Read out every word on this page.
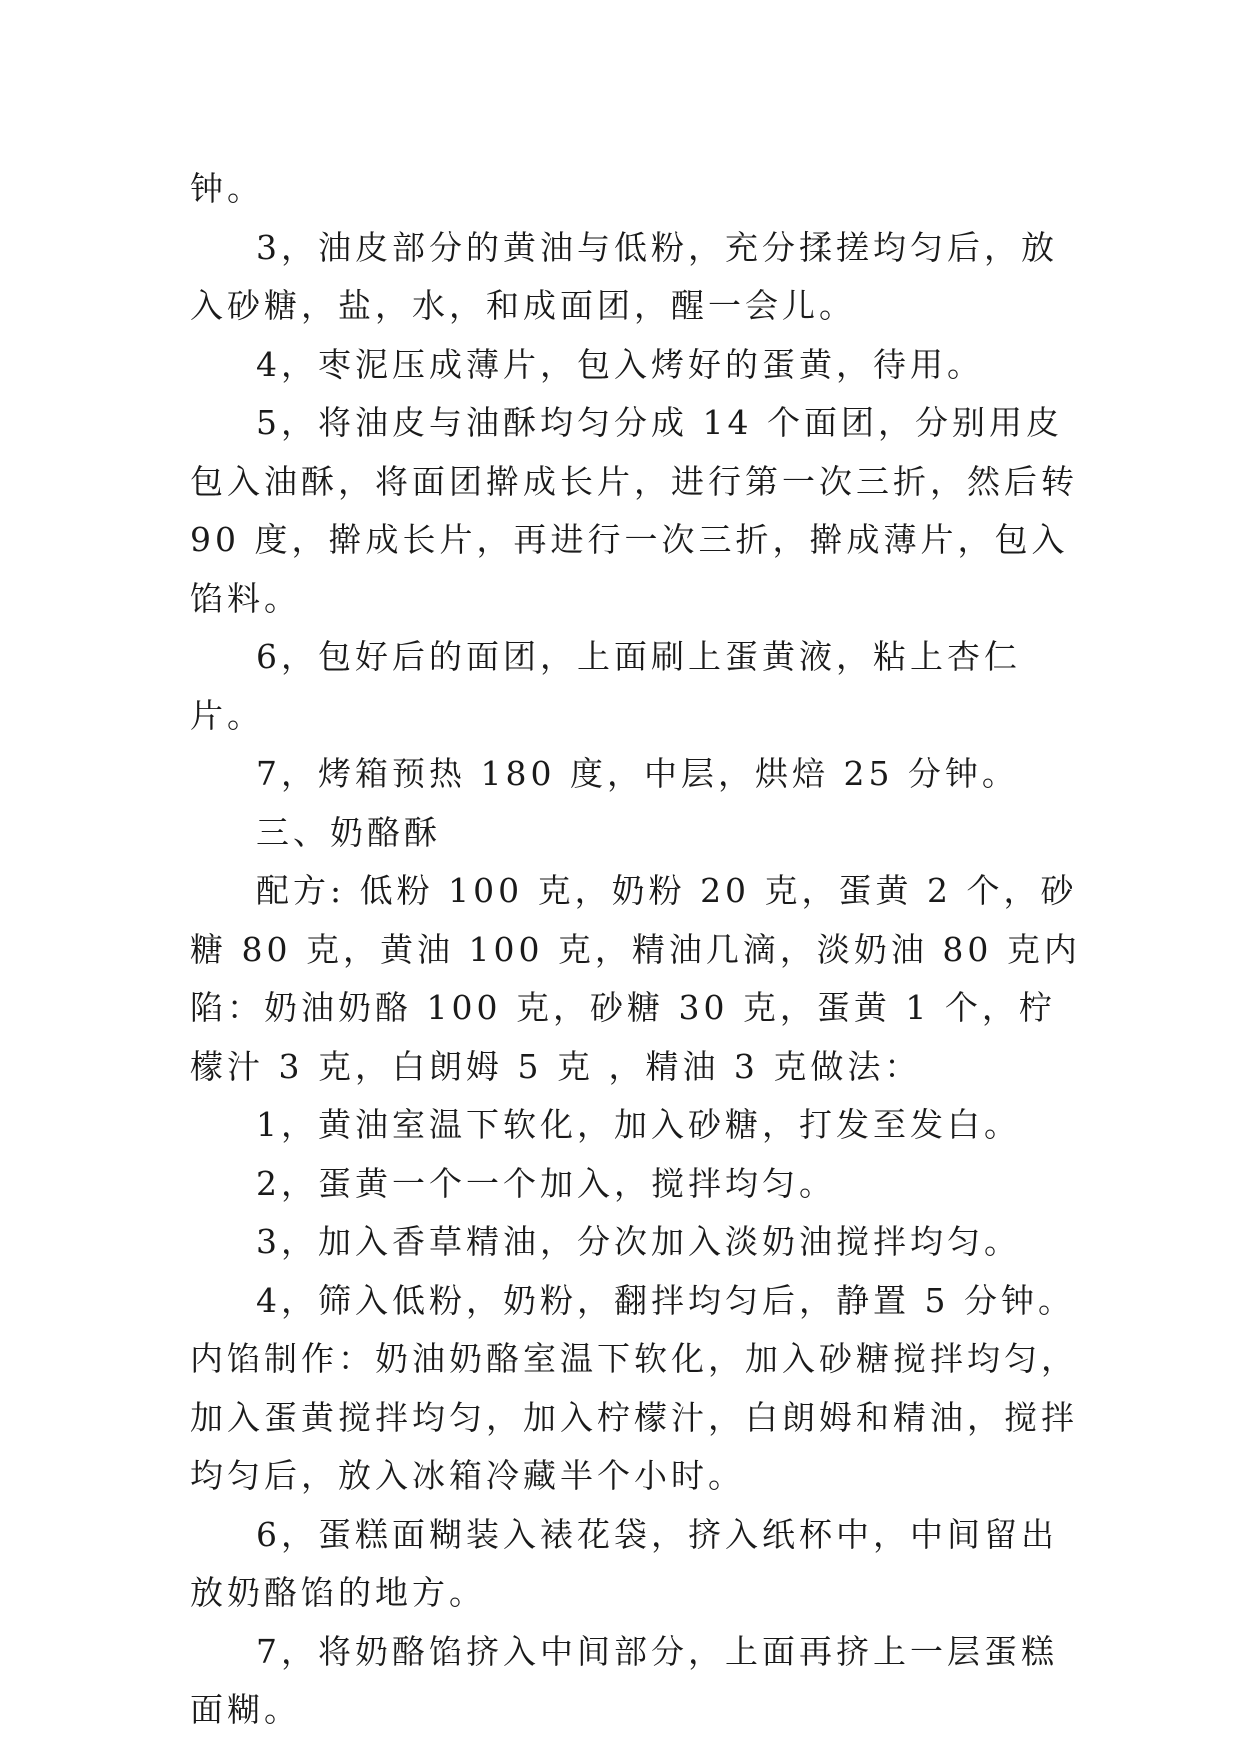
钟。

3，油皮部分的黄油与低粉，充分揉搓均匀后，放入砂糖，盐，水，和成面团，醒一会儿。

4，枣泥压成薄片，包入烤好的蛋黄，待用。

5，将油皮与油酥均匀分成 14 个面团，分别用皮包入油酥，将面团擀成长片，进行第一次三折，然后转 90 度，擀成长片，再进行一次三折，擀成薄片，包入馅料。

6，包好后的面团，上面刷上蛋黄液，粘上杏仁片。

7，烤箱预热 180 度，中层，烘焙 25 分钟。

三、奶酪酥

配方: 低粉 100 克，奶粉 20 克，蛋黄 2 个，砂糖 80 克，黄油 100 克，精油几滴，淡奶油 80 克内陷：奶油奶酪 100 克，砂糖 30 克，蛋黄 1 个，柠檬汁 3 克，白朗姆 5 克 ，精油 3 克做法：

1，黄油室温下软化，加入砂糖，打发至发白。

2，蛋黄一个一个加入，搅拌均匀。

3，加入香草精油，分次加入淡奶油搅拌均匀。

4，筛入低粉，奶粉，翻拌均匀后，静置 5 分钟。 内馅制作：奶油奶酪室温下软化，加入砂糖搅拌均匀，加入蛋黄搅拌均匀，加入柠檬汁，白朗姆和精油，搅拌均匀后，放入冰箱冷藏半个小时。

6，蛋糕面糊装入裱花袋，挤入纸杯中，中间留出放奶酪馅的地方。

7，将奶酪馅挤入中间部分，上面再挤上一层蛋糕面糊。
